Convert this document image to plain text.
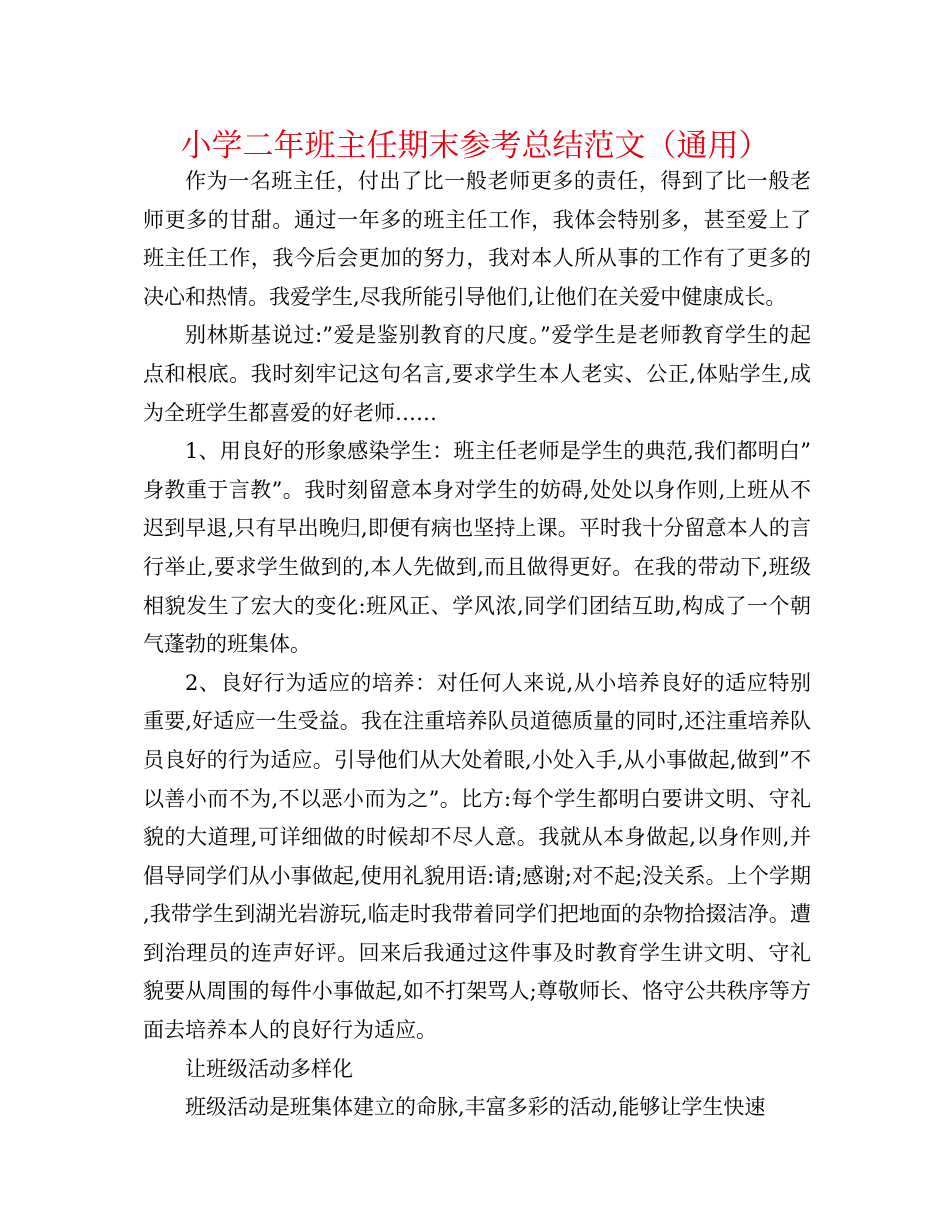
小学二年班主任期末参考总结范文（通用）

作为一名班主任，付出了比一般老师更多的责任，得到了比一般老师更多的甘甜。通过一年多的班主任工作，我体会特别多，甚至爱上了班主任工作，我今后会更加的努力，我对本人所从事的工作有了更多的决心和热情。我爱学生,尽我所能引导他们,让他们在关爱中健康成长。

别林斯基说过:”爱是鉴别教育的尺度。”爱学生是老师教育学生的起点和根底。我时刻牢记这句名言,要求学生本人老实、公正,体贴学生,成为全班学生都喜爱的好老师……

1、用良好的形象感染学生：班主任老师是学生的典范,我们都明白”身教重于言教”。我时刻留意本身对学生的妨碍,处处以身作则,上班从不迟到早退,只有早出晚归,即便有病也坚持上课。平时我十分留意本人的言行举止,要求学生做到的,本人先做到,而且做得更好。在我的带动下,班级相貌发生了宏大的变化:班风正、学风浓,同学们团结互助,构成了一个朝气蓬勃的班集体。

2、良好行为适应的培养：对任何人来说,从小培养良好的适应特别重要,好适应一生受益。我在注重培养队员道德质量的同时,还注重培养队员良好的行为适应。引导他们从大处着眼,小处入手,从小事做起,做到”不以善小而不为,不以恶小而为之”。比方:每个学生都明白要讲文明、守礼貌的大道理,可详细做的时候却不尽人意。我就从本身做起,以身作则,并倡导同学们从小事做起,使用礼貌用语:请;感谢;对不起;没关系。上个学期,我带学生到湖光岩游玩,临走时我带着同学们把地面的杂物拾掇洁净。遭到治理员的连声好评。回来后我通过这件事及时教育学生讲文明、守礼貌要从周围的每件小事做起,如不打架骂人;尊敬师长、恪守公共秩序等方面去培养本人的良好行为适应。

让班级活动多样化

班级活动是班集体建立的命脉,丰富多彩的活动,能够让学生快速
